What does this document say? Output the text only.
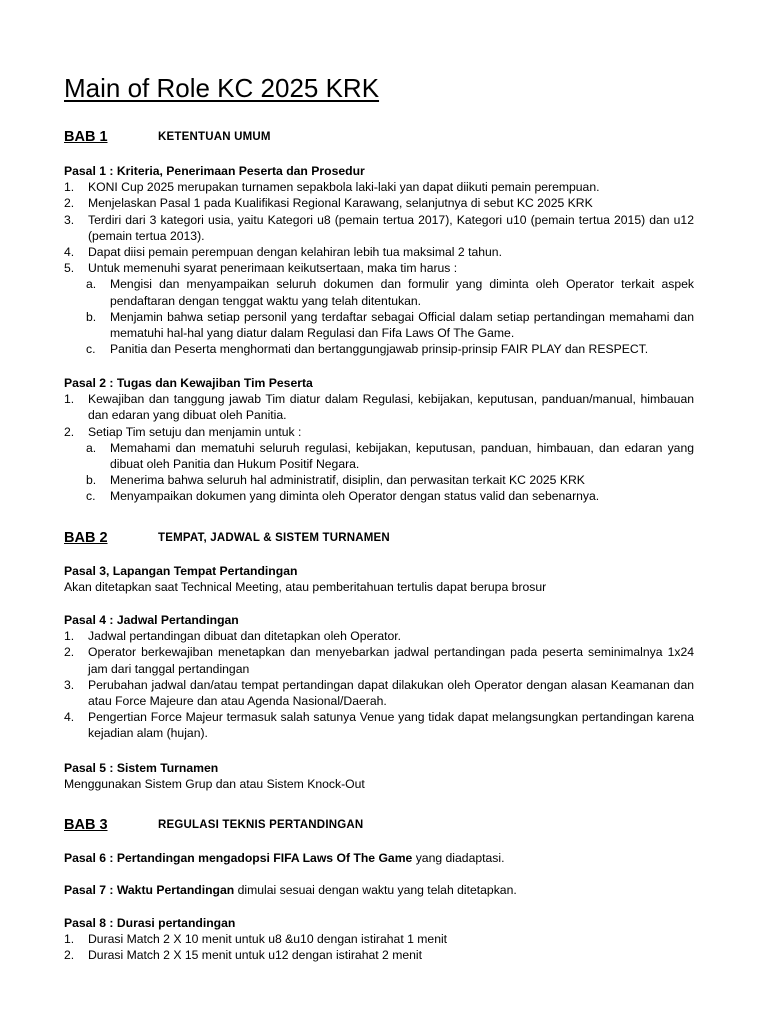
Main of Role KC 2025 KRK
BAB 1	KETENTUAN UMUM
Pasal 1 : Kriteria, Penerimaan Peserta dan Prosedur
1. KONI Cup 2025 merupakan turnamen sepakbola laki-laki yan dapat diikuti pemain perempuan.
2. Menjelaskan Pasal 1 pada Kualifikasi Regional Karawang, selanjutnya di sebut KC 2025 KRK
3. Terdiri dari 3 kategori usia, yaitu Kategori u8 (pemain tertua 2017), Kategori u10 (pemain tertua 2015) dan u12 (pemain tertua 2013).
4. Dapat diisi pemain perempuan dengan kelahiran lebih tua maksimal 2 tahun.
5. Untuk memenuhi syarat penerimaan keikutsertaan, maka tim harus :
a. Mengisi dan menyampaikan seluruh dokumen dan formulir yang diminta oleh Operator terkait aspek pendaftaran dengan tenggat waktu yang telah ditentukan.
b. Menjamin bahwa setiap personil yang terdaftar sebagai Official dalam setiap pertandingan memahami dan mematuhi hal-hal yang diatur dalam Regulasi dan Fifa Laws Of The Game.
c. Panitia dan Peserta menghormati dan bertanggungjawab prinsip-prinsip FAIR PLAY dan RESPECT.
Pasal 2 : Tugas dan Kewajiban Tim Peserta
1. Kewajiban dan tanggung jawab Tim diatur dalam Regulasi, kebijakan, keputusan, panduan/manual, himbauan dan edaran yang dibuat oleh Panitia.
2. Setiap Tim setuju dan menjamin untuk :
a. Memahami dan mematuhi seluruh regulasi, kebijakan, keputusan, panduan, himbauan, dan edaran yang dibuat oleh Panitia dan Hukum Positif Negara.
b. Menerima bahwa seluruh hal administratif, disiplin, dan perwasitan terkait KC 2025 KRK
c. Menyampaikan dokumen yang diminta oleh Operator dengan status valid dan sebenarnya.
BAB 2	TEMPAT, JADWAL & SISTEM TURNAMEN
Pasal 3, Lapangan Tempat Pertandingan
Akan ditetapkan saat Technical Meeting, atau pemberitahuan tertulis dapat berupa brosur
Pasal 4 : Jadwal Pertandingan
1. Jadwal pertandingan dibuat dan ditetapkan oleh Operator.
2. Operator berkewajiban menetapkan dan menyebarkan jadwal pertandingan pada peserta seminimalnya 1x24 jam dari tanggal pertandingan
3. Perubahan jadwal dan/atau tempat pertandingan dapat dilakukan oleh Operator dengan alasan Keamanan dan atau Force Majeure dan atau Agenda Nasional/Daerah.
4. Pengertian Force Majeur termasuk salah satunya Venue yang tidak dapat melangsungkan pertandingan karena kejadian alam (hujan).
Pasal 5 : Sistem Turnamen
Menggunakan Sistem Grup dan atau Sistem Knock-Out
BAB 3	REGULASI TEKNIS PERTANDINGAN
Pasal 6 : Pertandingan mengadopsi FIFA Laws Of The Game yang diadaptasi.
Pasal 7 : Waktu Pertandingan dimulai sesuai dengan waktu yang telah ditetapkan.
Pasal 8 : Durasi pertandingan
1. Durasi Match 2 X 10 menit untuk u8 &u10 dengan istirahat 1 menit
2. Durasi Match 2 X 15 menit untuk u12 dengan istirahat 2 menit
